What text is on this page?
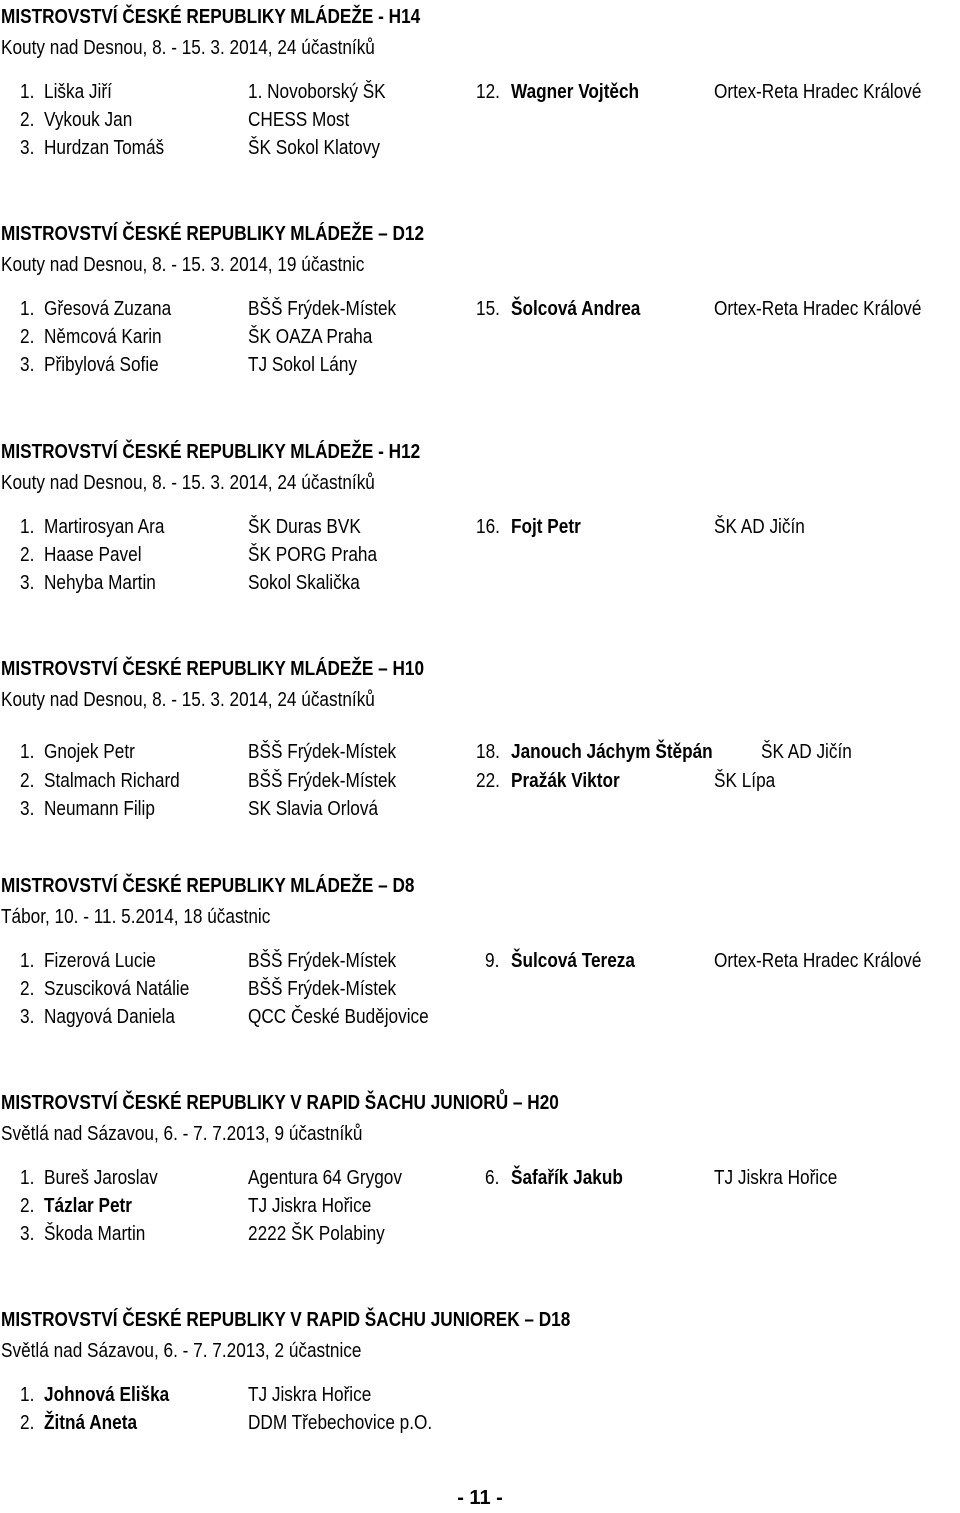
MISTROVSTVÍ ČESKÉ REPUBLIKY MLÁDEŽE - H14
Kouty nad Desnou, 8. - 15. 3. 2014, 24 účastníků
1. Liška Jiří	1. Novoborský ŠK	12. Wagner Vojtěch	Ortex-Reta Hradec Králové
2. Vykouk Jan	CHESS Most
3. Hurdzan Tomáš	ŠK Sokol Klatovy
MISTROVSTVÍ ČESKÉ REPUBLIKY MLÁDEŽE – D12
Kouty nad Desnou, 8. - 15. 3. 2014, 19 účastnic
1. Gřesová Zuzana	BŠŠ Frýdek-Místek	15. Šolcová Andrea	Ortex-Reta Hradec Králové
2. Němcová Karin	ŠK OAZA Praha
3. Přibylová Sofie	TJ Sokol Lány
MISTROVSTVÍ ČESKÉ REPUBLIKY MLÁDEŽE - H12
Kouty nad Desnou, 8. - 15. 3. 2014, 24 účastníků
1. Martirosyan Ara	ŠK Duras BVK	16. Fojt Petr	ŠK AD Jičín
2. Haase Pavel	ŠK PORG Praha
3. Nehyba Martin	Sokol Skalička
MISTROVSTVÍ ČESKÉ REPUBLIKY MLÁDEŽE – H10
Kouty nad Desnou, 8. - 15. 3. 2014, 24 účastníků
1. Gnojek Petr	BŠŠ Frýdek-Místek	18. Janouch Jáchym Štěpán ŠK AD Jičín
2. Stalmach Richard	BŠŠ Frýdek-Místek	22. Pražák Viktor	ŠK Lípa
3. Neumann Filip	SK Slavia Orlová
MISTROVSTVÍ ČESKÉ REPUBLIKY MLÁDEŽE – D8
Tábor, 10. - 11. 5.2014, 18 účastnic
1. Fizerová Lucie	BŠŠ Frýdek-Místek	9. Šulcová Tereza	Ortex-Reta Hradec Králové
2. Szusciková Natálie	BŠŠ Frýdek-Místek
3. Nagyová Daniela	QCC České Budějovice
MISTROVSTVÍ ČESKÉ REPUBLIKY V RAPID ŠACHU JUNIORŮ – H20
Světlá nad Sázavou, 6. - 7. 7.2013, 9 účastníků
1. Bureš Jaroslav	Agentura 64 Grygov	6. Šafařík Jakub	TJ Jiskra Hořice
2. Tázlar Petr	TJ Jiskra Hořice
3. Škoda Martin	2222 ŠK Polabiny
MISTROVSTVÍ ČESKÉ REPUBLIKY V RAPID ŠACHU JUNIOREK – D18
Světlá nad Sázavou, 6. - 7. 7.2013, 2 účastnice
1. Johnová Eliška	TJ Jiskra Hořice
2. Žitná Aneta	DDM Třebechovice p.O.
- 11 -
